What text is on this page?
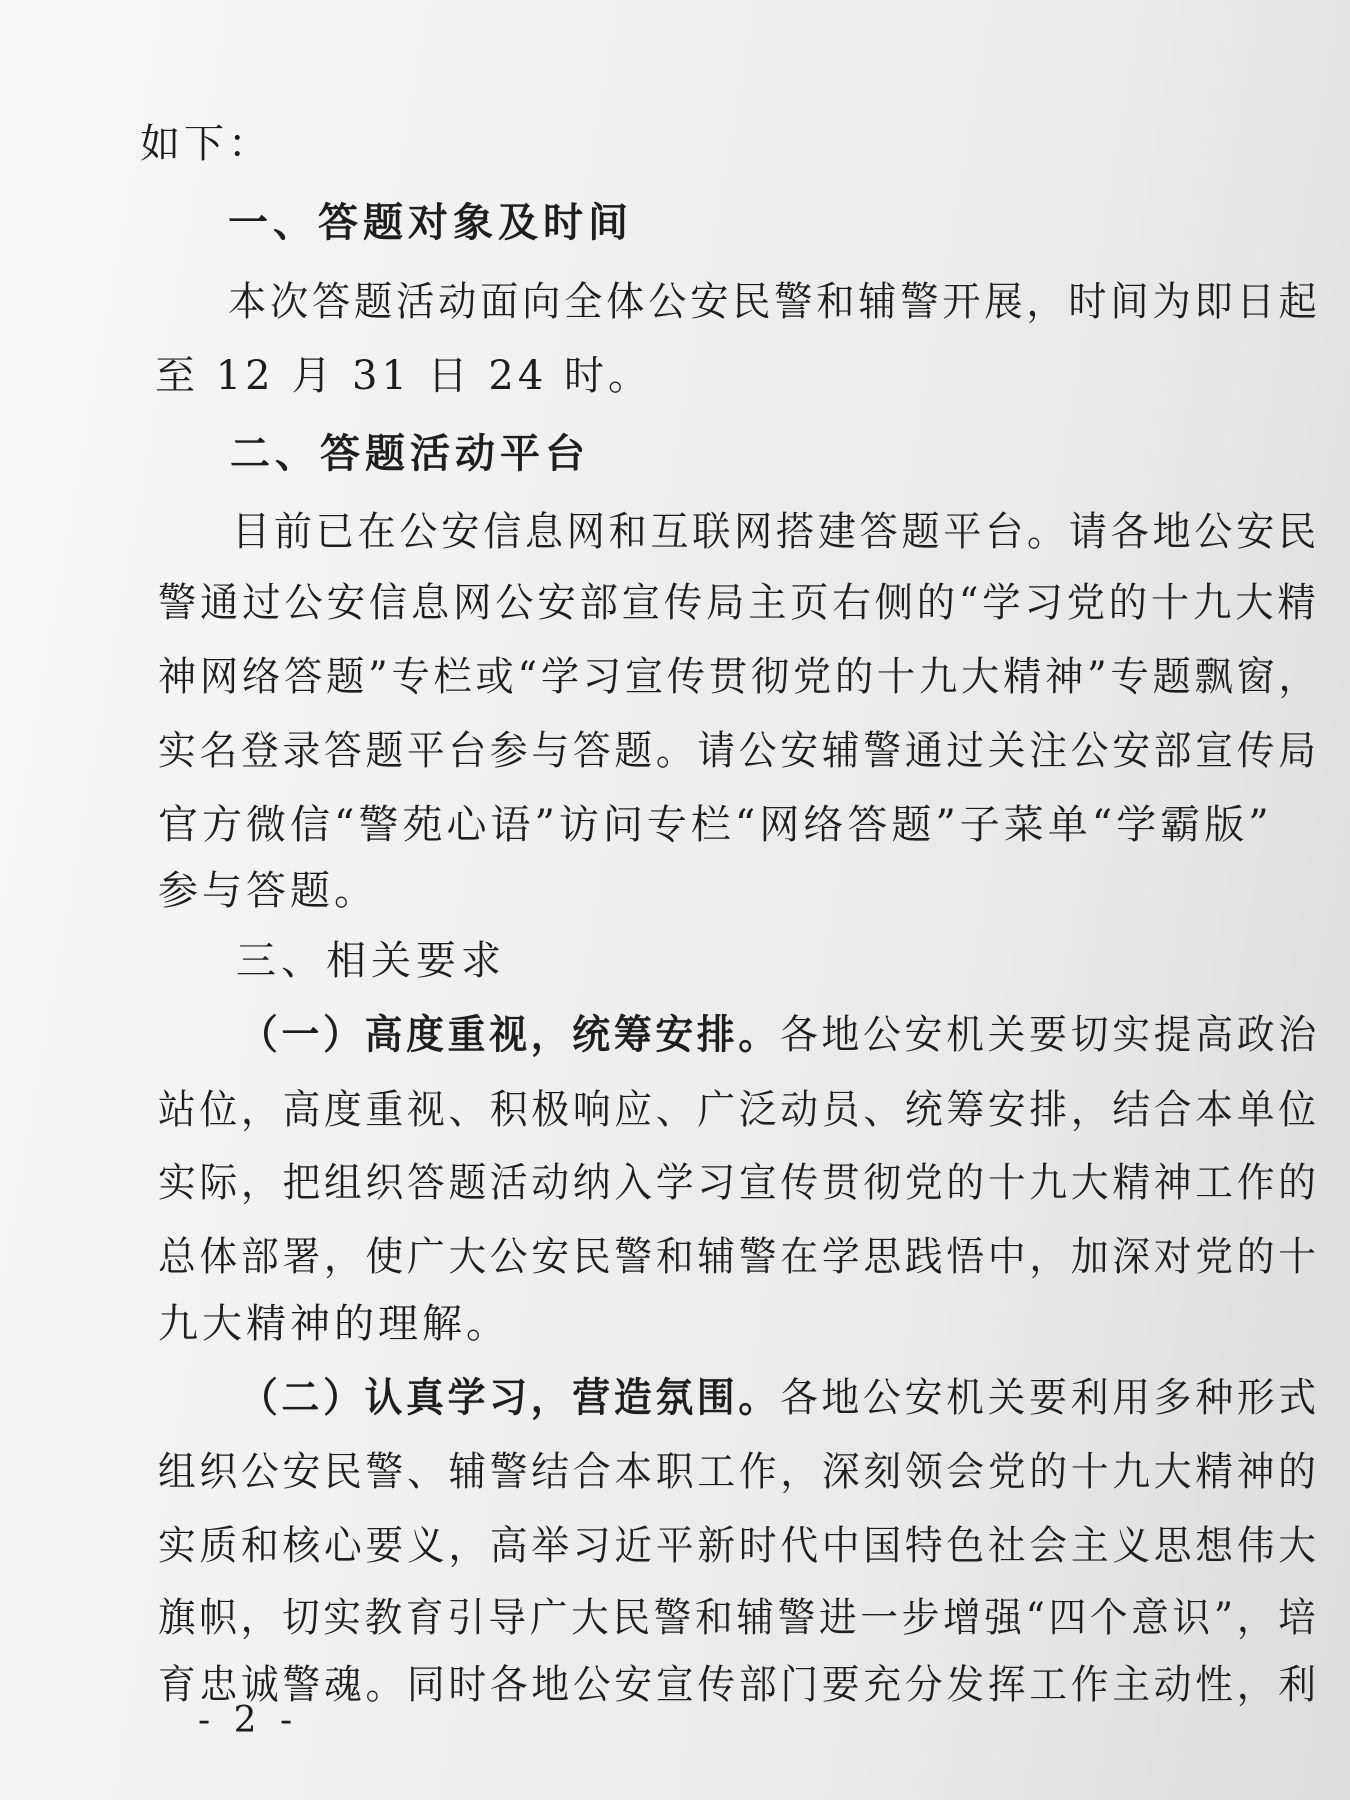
如下：
一、答题对象及时间
本次答题活动面向全体公安民警和辅警开展，时间为即日起
至 12 月 31 日 24 时。
二、答题活动平台
目前已在公安信息网和互联网搭建答题平台。请各地公安民
警通过公安信息网公安部宣传局主页右侧的“学习党的十九大精
神网络答题”专栏或“学习宣传贯彻党的十九大精神”专题飘窗，
实名登录答题平台参与答题。请公安辅警通过关注公安部宣传局
官方微信“警苑心语”访问专栏“网络答题”子菜单“学霸版”
参与答题。
三、相关要求
（一）高度重视，统筹安排。各地公安机关要切实提高政治
站位，高度重视、积极响应、广泛动员、统筹安排，结合本单位
实际，把组织答题活动纳入学习宣传贯彻党的十九大精神工作的
总体部署，使广大公安民警和辅警在学思践悟中，加深对党的十
九大精神的理解。
（二）认真学习，营造氛围。各地公安机关要利用多种形式
组织公安民警、辅警结合本职工作，深刻领会党的十九大精神的
实质和核心要义，高举习近平新时代中国特色社会主义思想伟大
旗帜，切实教育引导广大民警和辅警进一步增强“四个意识”，培
育忠诚警魂。同时各地公安宣传部门要充分发挥工作主动性，利
- 2 -
